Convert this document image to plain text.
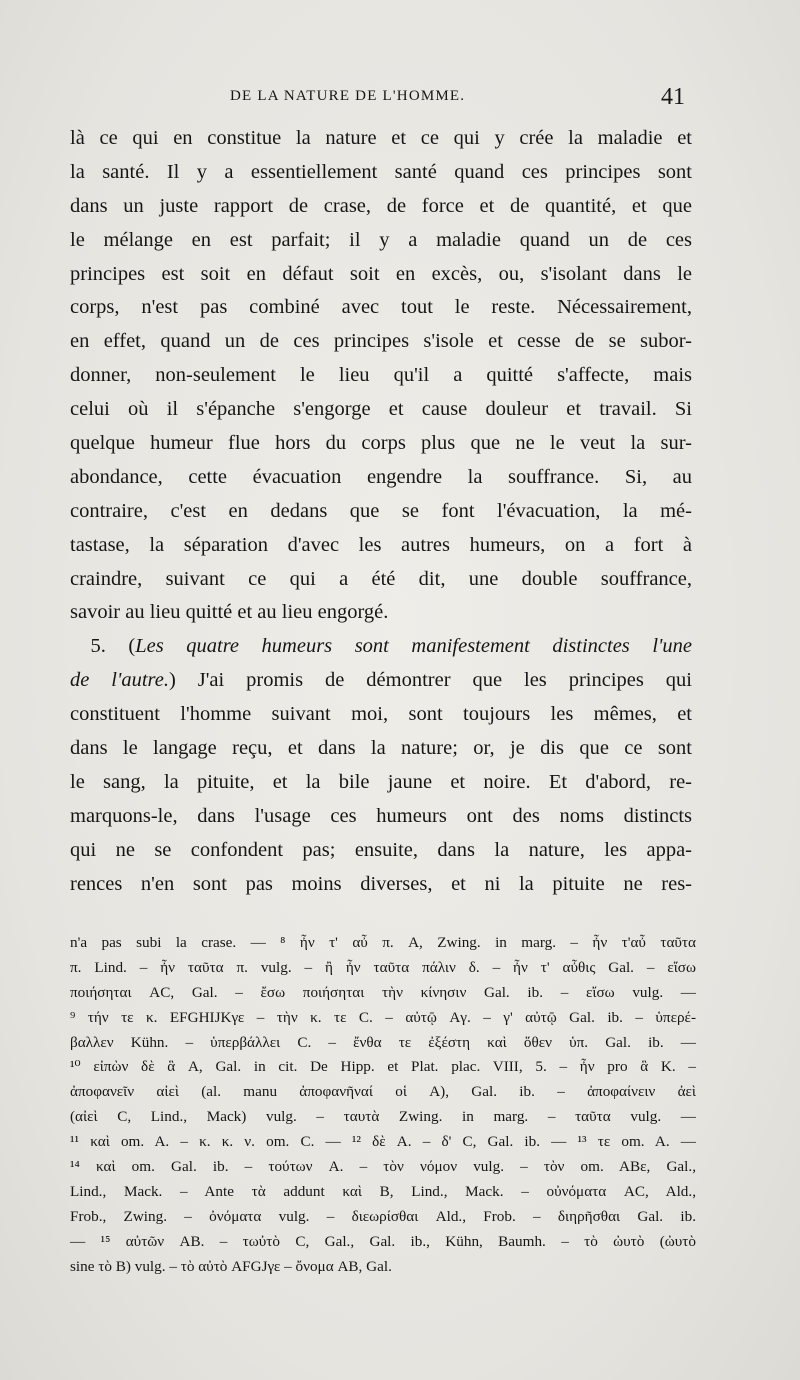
DE LA NATURE DE L'HOMME.	41
là ce qui en constitue la nature et ce qui y crée la maladie et
la santé. Il y a essentiellement santé quand ces principes sont
dans un juste rapport de crase, de force et de quantité, et que
le mélange en est parfait; il y a maladie quand un de ces
principes est soit en défaut soit en excès, ou, s'isolant dans le
corps, n'est pas combiné avec tout le reste. Nécessairement,
en effet, quand un de ces principes s'isole et cesse de se subor-
donner, non-seulement le lieu qu'il a quitté s'affecte, mais
celui où il s'épanche s'engorge et cause douleur et travail. Si
quelque humeur flue hors du corps plus que ne le veut la sur-
abondance, cette évacuation engendre la souffrance. Si, au
contraire, c'est en dedans que se font l'évacuation, la mé-
tastase, la séparation d'avec les autres humeurs, on a fort à
craindre, suivant ce qui a été dit, une double souffrance,
savoir au lieu quitté et au lieu engorgé.
  5. (Les quatre humeurs sont manifestement distinctes l'une
de l'autre.) J'ai promis de démontrer que les principes qui
constituent l'homme suivant moi, sont toujours les mêmes, et
dans le langage reçu, et dans la nature; or, je dis que ce sont
le sang, la pituite, et la bile jaune et noire. Et d'abord, re-
marquons-le, dans l'usage ces humeurs ont des noms distincts
qui ne se confondent pas; ensuite, dans la nature, les appa-
rences n'en sont pas moins diverses, et ni la pituite ne res-
n'a pas subi la crase. — ⁸ ἦν τ' αὖ π. A, Zwing. in marg. – ἦν τ'αὖ ταῦτα
π. Lind. – ἦν ταῦτα π. vulg. – ἢ ἦν ταῦτα πάλιν δ. – ἦν τ' αὖθις Gal. – εἴσω
ποιήσηται AC, Gal. – ἔσω ποιήσηται τὴν κίνησιν Gal. ib. – εἴσω vulg. —
⁹ τήν τε κ. EFGHIJKγε – τὴν κ. τε C. – αὐτῷ Aγ. – γ' αὐτῷ Gal. ib. – ὑπερέ-
βαλλεν Kühn. – ὑπερβάλλει C. – ἔνθα τε ἐξέστη καὶ ὅθεν ὑπ. Gal. ib. —
¹⁰ εἰπὼν δὲ ἃ A, Gal. in cit. De Hipp. et Plat. plac. VIII, 5. – ἦν pro ἃ K. –
ἀποφανεῖν αἰεὶ (al. manu ἀποφανῆναί οἱ A), Gal. ib. – ἀποφαίνειν ἀεὶ
(αἰεὶ C, Lind., Mack) vulg. – ταυτὰ Zwing. in marg. – ταῦτα vulg. —
¹¹ καὶ om. A. – κ. κ. ν. om. C. — ¹² δὲ A. – δ' C, Gal. ib. — ¹³ τε om. A. —
¹⁴ καὶ om. Gal. ib. – τούτων A. – τὸν νόμον vulg. – τὸν om. ABε, Gal.,
Lind., Mack. – Ante τὰ addunt καὶ B, Lind., Mack. – οὐνόματα AC, Ald.,
Frob., Zwing. – ὀνόματα vulg. – διεωρίσθαι Ald., Frob. – διηρῆσθαι Gal. ib.
— ¹⁵ αὐτῶν AB. – τωὐτὸ C, Gal., Gal. ib., Kühn, Baumh. – τὸ ὠυτὸ (ὠυτὸ
sine τὸ B) vulg. – τὸ αὐτὸ AFGJγε – ὄνομα AB, Gal.
